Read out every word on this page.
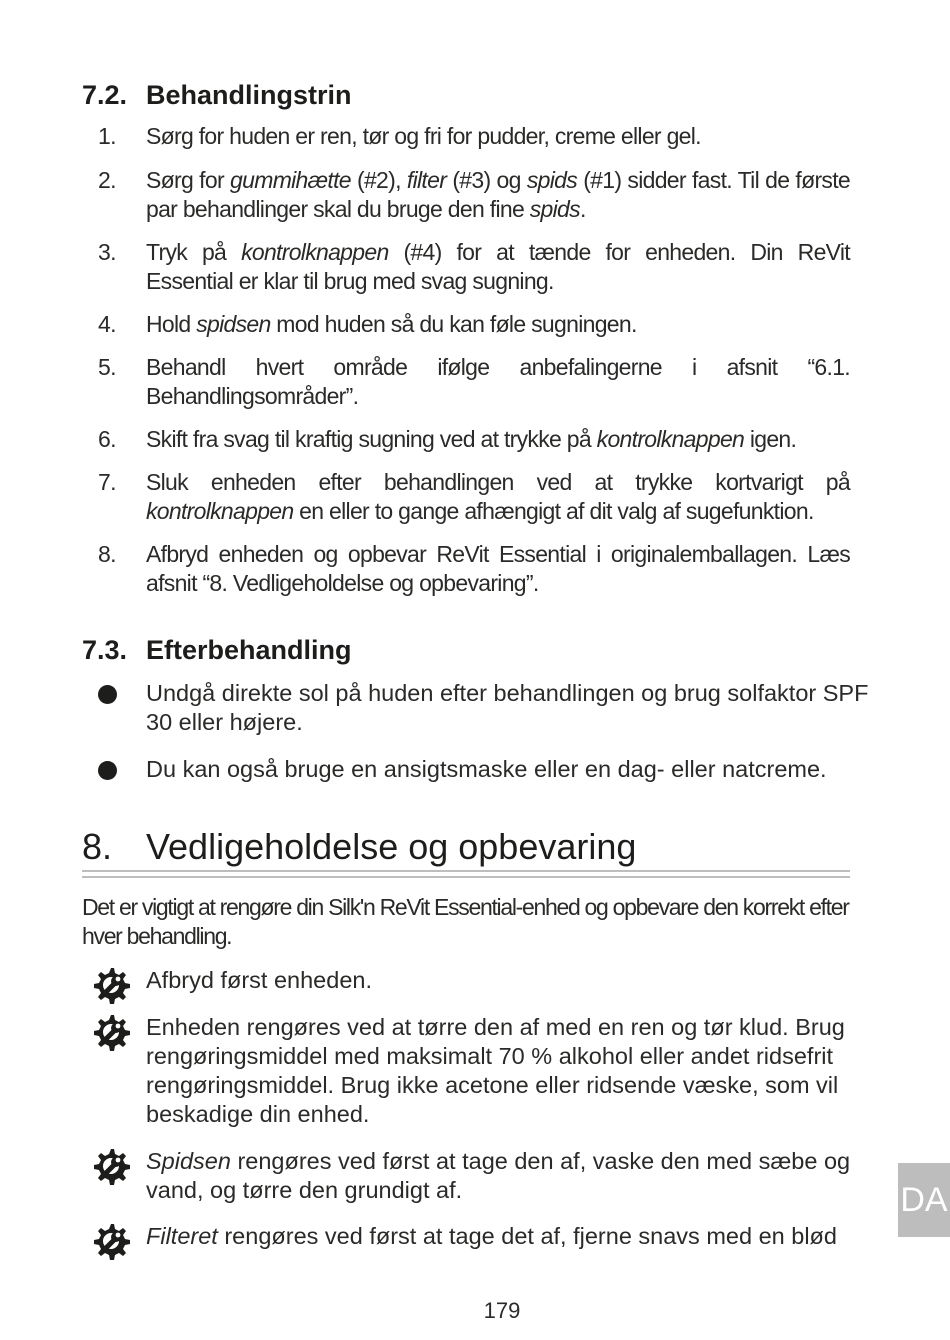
7.2. Behandlingstrin
1. Sørg for huden er ren, tør og fri for pudder, creme eller gel.
2. Sørg for gummihætte (#2), filter (#3) og spids (#1) sidder fast. Til de første par behandlinger skal du bruge den fine spids.
3. Tryk på kontrolknappen (#4) for at tænde for enheden. Din ReVit Essential er klar til brug med svag sugning.
4. Hold spidsen mod huden så du kan føle sugningen.
5. Behandl hvert område ifølge anbefalingerne i afsnit “6.1. Behandlingsområder”.
6. Skift fra svag til kraftig sugning ved at trykke på kontrolknappen igen.
7. Sluk enheden efter behandlingen ved at trykke kortvarigt på kontrolknappen en eller to gange afhængigt af dit valg af sugefunktion.
8. Afbryd enheden og opbevar ReVit Essential i originalemballagen. Læs afsnit “8. Vedligeholdelse og opbevaring”.
7.3. Efterbehandling
Undgå direkte sol på huden efter behandlingen og brug solfaktor SPF 30 eller højere.
Du kan også bruge en ansigtsmaske eller en dag- eller natcreme.
8. Vedligeholdelse og opbevaring
Det er vigtigt at rengøre din Silk'n ReVit Essential-enhed og opbevare den korrekt efter hver behandling.
Afbryd først enheden.
Enheden rengøres ved at tørre den af med en ren og tør klud. Brug rengøringsmiddel med maksimalt 70 % alkohol eller andet ridsefrit rengøringsmiddel. Brug ikke acetone eller ridsende væske, som vil beskadige din enhed.
Spidsen rengøres ved først at tage den af, vaske den med sæbe og vand, og tørre den grundigt af.
Filteret rengøres ved først at tage det af, fjerne snavs med en blød
DA
179
